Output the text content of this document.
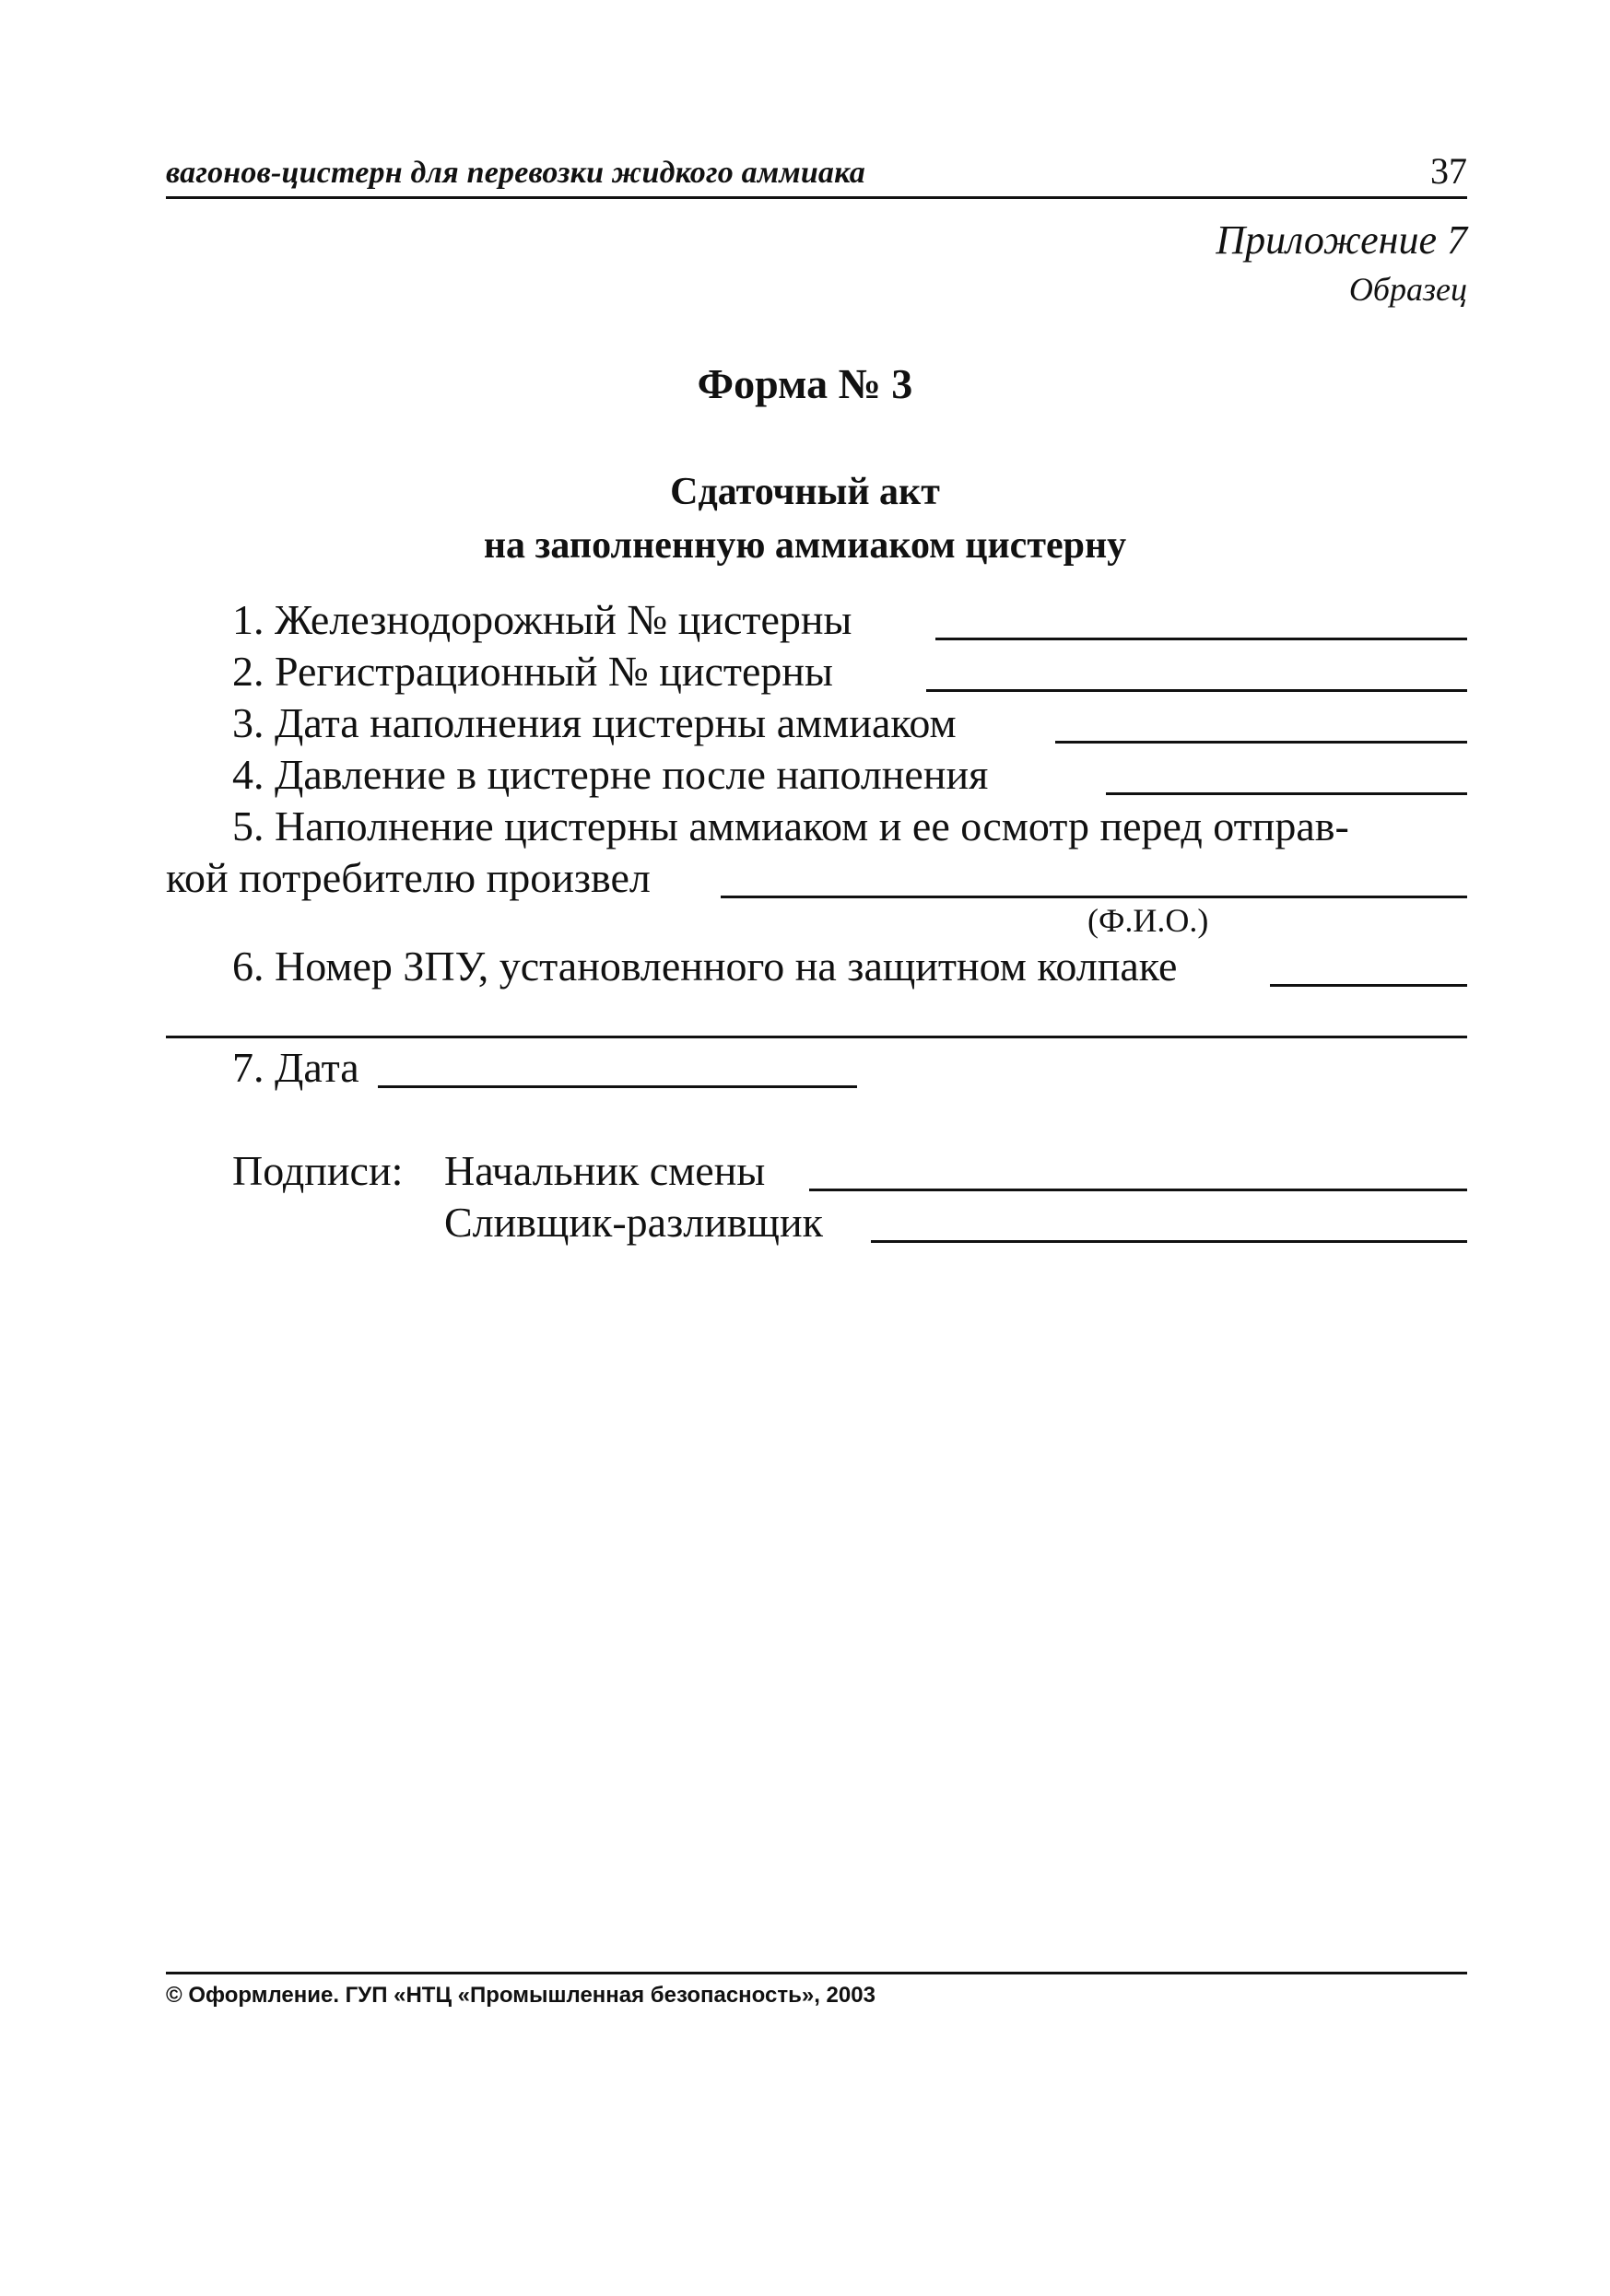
вагонов-цистерн для перевозки жидкого аммиака	37
Приложение 7
Образец
Форма № 3
Сдаточный акт
на заполненную аммиаком цистерну
1. Железнодорожный № цистерны
2. Регистрационный № цистерны
3. Дата наполнения цистерны аммиаком
4. Давление в цистерне после наполнения
5. Наполнение цистерны аммиаком и ее осмотр перед отправ-
кой потребителю произвел
(Ф.И.О.)
6. Номер ЗПУ, установленного на защитном колпаке
7. Дата
Подписи: Начальник смены
Сливщик-разливщик
© Оформление. ГУП «НТЦ «Промышленная безопасность», 2003
